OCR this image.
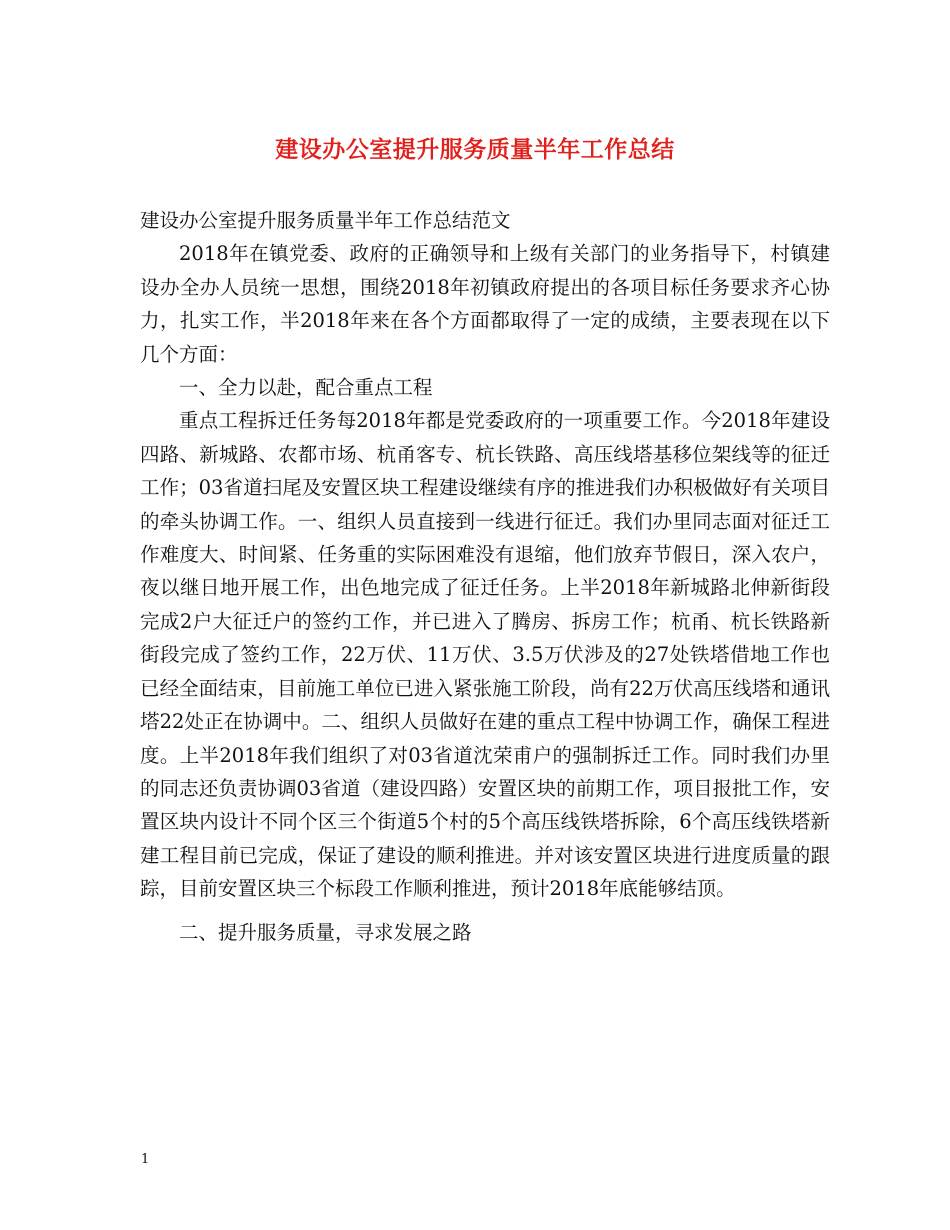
建设办公室提升服务质量半年工作总结

建设办公室提升服务质量半年工作总结范文

2018年在镇党委、政府的正确领导和上级有关部门的业务指导下，村镇建设办全办人员统一思想，围绕2018年初镇政府提出的各项目标任务要求齐心协力，扎实工作，半2018年来在各个方面都取得了一定的成绩，主要表现在以下几个方面：

一、全力以赴，配合重点工程

重点工程拆迁任务每2018年都是党委政府的一项重要工作。今2018年建设四路、新城路、农都市场、杭甬客专、杭长铁路、高压线塔基移位架线等的征迁工作；03省道扫尾及安置区块工程建设继续有序的推进我们办积极做好有关项目的牵头协调工作。一、组织人员直接到一线进行征迁。我们办里同志面对征迁工作难度大、时间紧、任务重的实际困难没有退缩，他们放弃节假日，深入农户，夜以继日地开展工作，出色地完成了征迁任务。上半2018年新城路北伸新街段完成2户大征迁户的签约工作，并已进入了腾房、拆房工作；杭甬、杭长铁路新街段完成了签约工作，22万伏、11万伏、3.5万伏涉及的27处铁塔借地工作也已经全面结束，目前施工单位已进入紧张施工阶段，尚有22万伏高压线塔和通讯塔22处正在协调中。二、组织人员做好在建的重点工程中协调工作，确保工程进度。上半2018年我们组织了对03省道沈荣甫户的强制拆迁工作。同时我们办里的同志还负责协调03省道（建设四路）安置区块的前期工作，项目报批工作，安置区块内设计不同个区三个街道5个村的5个高压线铁塔拆除，6个高压线铁塔新建工程目前已完成，保证了建设的顺利推进。并对该安置区块进行进度质量的跟踪，目前安置区块三个标段工作顺利推进，预计2018年底能够结顶。

二、提升服务质量，寻求发展之路

1
